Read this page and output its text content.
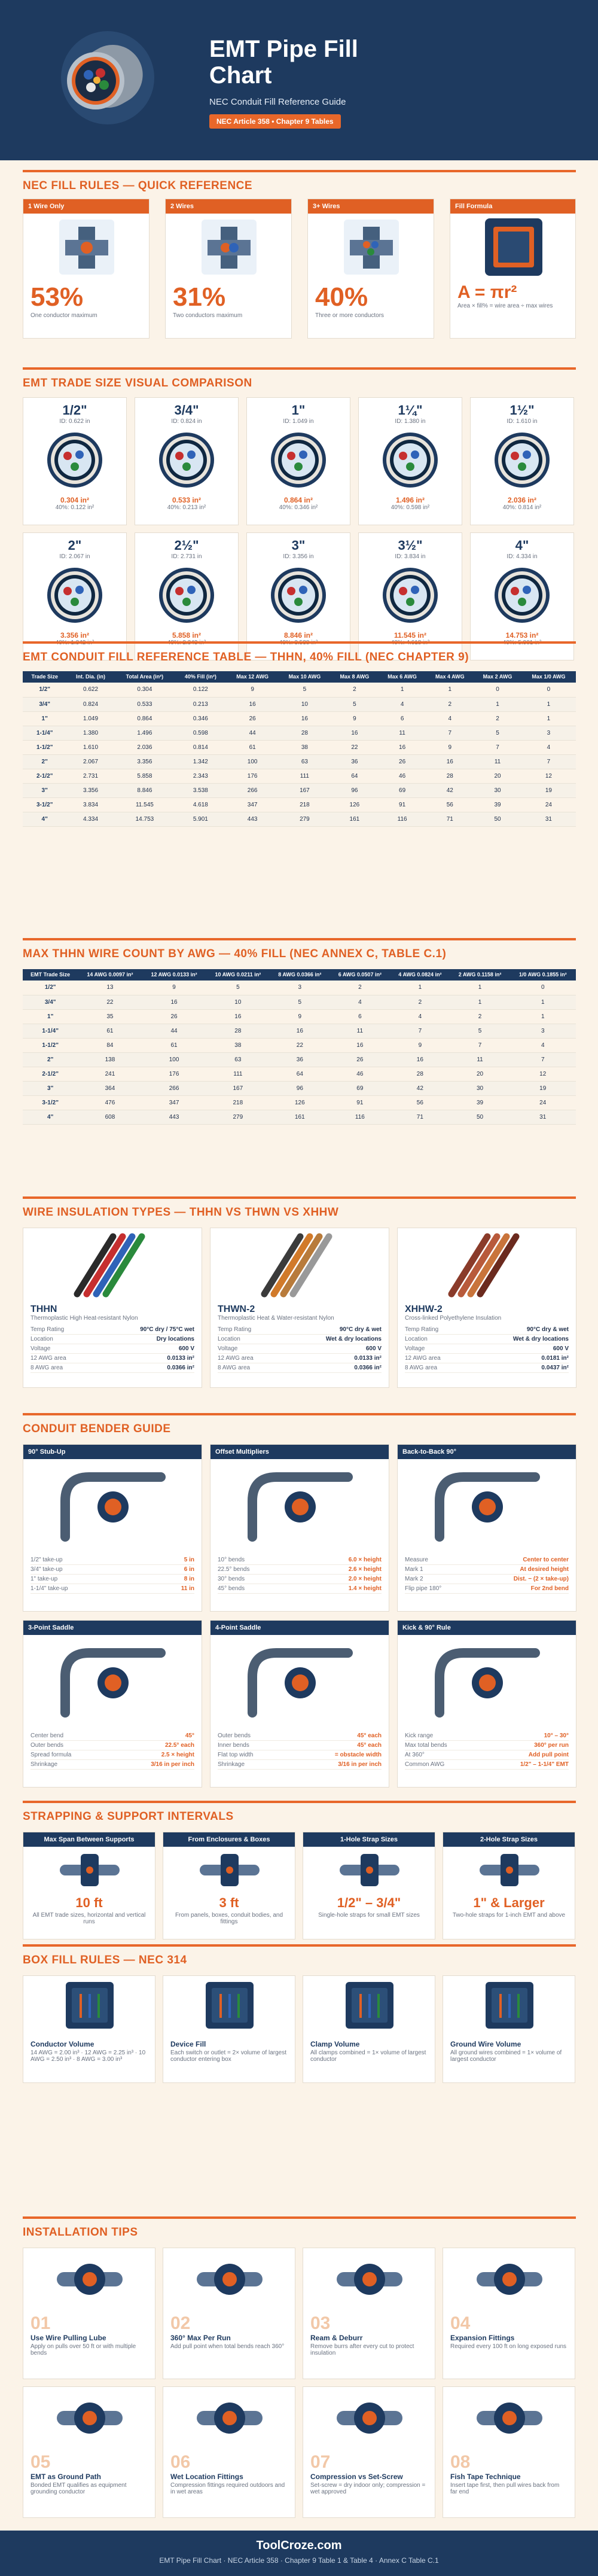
EMT Pipe Fill Chart
NEC Conduit Fill Reference Guide
NEC Article 358 • Chapter 9 Tables
NEC FILL RULES — QUICK REFERENCE
1 Wire Only
53%
One conductor maximum
2 Wires
31%
Two conductors maximum
3+ Wires
40%
Three or more conductors
Fill Formula
A = πr²
Area × fill% = wire area ÷ max wires
EMT TRADE SIZE VISUAL COMPARISON
1/2"
ID: 0.622 in
0.304 in²
40%: 0.122 in²
3/4"
ID: 0.824 in
0.533 in²
40%: 0.213 in²
1"
ID: 1.049 in
0.864 in²
40%: 0.346 in²
1¼"
ID: 1.380 in
1.496 in²
40%: 0.598 in²
1½"
ID: 1.610 in
2.036 in²
40%: 0.814 in²
2"
ID: 2.067 in
3.356 in²
2½"
ID: 2.731 in
5.858 in²
3"
ID: 3.356 in
8.846 in²
3½"
ID: 3.834 in
11.545 in²
4"
ID: 4.334 in
14.753 in²
EMT CONDUIT FILL REFERENCE TABLE — THHN, 40% FILL (NEC CHAPTER 9)
Trade Size	Int. Dia. (in)	Total Area (in²)	40% Fill (in²)	Max 12 AWG	Max 10 AWG	Max 8 AWG	Max 6 AWG	Max 4 AWG	Max 2 AWG	Max 1/0 AWG
1/2"	0.622	0.304	0.122	9	5	2	1	1	0	0
3/4"	0.824	0.533	0.213	16	10	5	4	2	1	1
1"	1.049	0.864	0.346	26	16	9	6	4	2	1
1-1/4"	1.380	1.496	0.598	44	28	16	11	7	5	3
1-1/2"	1.610	2.036	0.814	61	38	22	16	9	7	4
2"	2.067	3.356	1.342	100	63	36	26	16	11	7
2-1/2"	2.731	5.858	2.343	176	111	64	46	28	20	12
3"	3.356	8.846	3.538	266	167	96	69	42	30	19
3-1/2"	3.834	11.545	4.618	347	218	126	91	56	39	24
4"	4.334	14.753	5.901	443	279	161	116	71	50	31
MAX THHN WIRE COUNT BY AWG — 40% FILL (NEC ANNEX C, TABLE C.1)
EMT Trade Size	14 AWG 0.0097 in²	12 AWG 0.0133 in²	10 AWG 0.0211 in²	8 AWG 0.0366 in²	6 AWG 0.0507 in²	4 AWG 0.0824 in²	2 AWG 0.1158 in²	1/0 AWG 0.1855 in²
1/2"	13	9	5	3	2	1	1	0
3/4"	22	16	10	5	4	2	1	1
1"	35	26	16	9	6	4	2	1
1-1/4"	61	44	28	16	11	7	5	3
1-1/2"	84	61	38	22	16	9	7	4
2"	138	100	63	36	26	16	11	7
2-1/2"	241	176	111	64	46	28	20	12
3"	364	266	167	96	69	42	30	19
3-1/2"	476	347	218	126	91	56	39	24
4"	608	443	279	161	116	71	50	31
WIRE INSULATION TYPES — THHN VS THWN VS XHHW
THHN
Thermoplastic High Heat-resistant Nylon
Temp Rating	90°C dry / 75°C wet
Location	Dry locations
Voltage	600 V
12 AWG area	0.0133 in²
8 AWG area	0.0366 in²
THWN-2
Thermoplastic Heat & Water-resistant Nylon
Temp Rating	90°C dry & wet
Location	Wet & dry locations
Voltage	600 V
12 AWG area	0.0133 in²
8 AWG area	0.0366 in²
XHHW-2
Cross-linked Polyethylene Insulation
Temp Rating	90°C dry & wet
Location	Wet & dry locations
Voltage	600 V
12 AWG area	0.0181 in²
8 AWG area	0.0437 in²
CONDUIT BENDER GUIDE
90° Stub-Up
1/2" take-up	5 in
3/4" take-up	6 in
1" take-up	8 in
1-1/4" take-up	11 in
Offset Multipliers
10° bends	6.0 × height
22.5° bends	2.6 × height
30° bends	2.0 × height
45° bends	1.4 × height
Back-to-Back 90°
Measure	Center to center
Mark 1	At desired height
Mark 2	Dist. − (2 × take-up)
Flip pipe 180°	For 2nd bend
3-Point Saddle
Center bend	45°
Outer bends	22.5° each
Spread formula	2.5 × height
Shrinkage	3/16 in per inch
4-Point Saddle
Outer bends	45° each
Inner bends	45° each
Flat top width	= obstacle width
Shrinkage	3/16 in per inch
Kick & 90° Rule
Kick range	10° – 30°
Max total bends	360° per run
At 360°	Add pull point
Common AWG	1/2" – 1-1/4" EMT
STRAPPING & SUPPORT INTERVALS
Max Span Between Supports
10 ft
All EMT trade sizes, horizontal and vertical runs
From Enclosures & Boxes
3 ft
From panels, boxes, conduit bodies, and fittings
1-Hole Strap Sizes
1/2" – 3/4"
Single-hole straps for small EMT sizes
2-Hole Strap Sizes
1" & Larger
Two-hole straps for 1-inch EMT and above
BOX FILL RULES — NEC 314
Conductor Volume
14 AWG = 2.00 in³ · 12 AWG = 2.25 in³ · 10 AWG = 2.50 in³ · 8 AWG = 3.00 in³
Device Fill
Each switch or outlet = 2× volume of largest conductor entering box
Clamp Volume
All clamps combined = 1× volume of largest conductor
Ground Wire Volume
All ground wires combined = 1× volume of largest conductor
INSTALLATION TIPS
01
Use Wire Pulling Lube
Apply on pulls over 50 ft or with multiple bends
02
360° Max Per Run
Add pull point when total bends reach 360°
03
Ream & Deburr
Remove burrs after every cut to protect insulation
04
Expansion Fittings
Required every 100 ft on long exposed runs
05
EMT as Ground Path
Bonded EMT qualifies as equipment grounding conductor
06
Wet Location Fittings
Compression fittings required outdoors and in wet areas
07
Compression vs Set-Screw
Set-screw = dry indoor only; compression = wet approved
08
Fish Tape Technique
Insert tape first, then pull wires back from far end
ToolCroze.com
EMT Pipe Fill Chart · NEC Article 358 · Chapter 9 Table 1 & Table 4 · Annex C Table C.1
